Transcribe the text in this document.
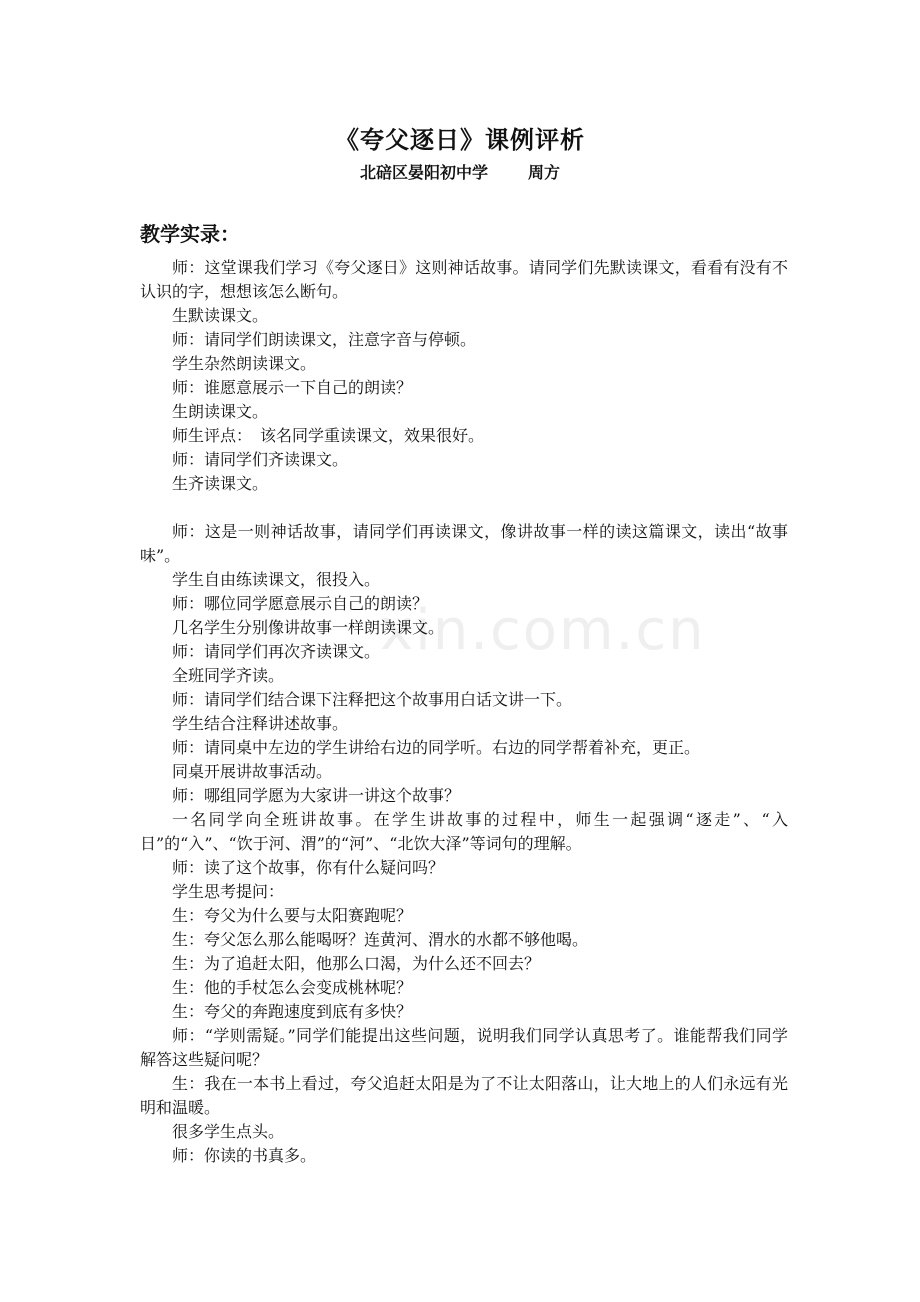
《夸父逐日》课例评析
北碚区晏阳初中学	周方
教学实录：
xin.com.cn

师：这堂课我们学习《夸父逐日》这则神话故事。请同学们先默读课文，看看有没有不认识的字，想想该怎么断句。

生默读课文。

师：请同学们朗读课文，注意字音与停顿。

学生杂然朗读课文。

师：谁愿意展示一下自己的朗读？

生朗读课文。

师生评点：　该名同学重读课文，效果很好。

师：请同学们齐读课文。

生齐读课文。

师：这是一则神话故事，请同学们再读课文，像讲故事一样的读这篇课文，读出“故事味”。

学生自由练读课文，很投入。

师：哪位同学愿意展示自己的朗读？

几名学生分别像讲故事一样朗读课文。

师：请同学们再次齐读课文。

全班同学齐读。

师：请同学们结合课下注释把这个故事用白话文讲一下。

学生结合注释讲述故事。

师：请同桌中左边的学生讲给右边的同学听。右边的同学帮着补充，更正。

同桌开展讲故事活动。

师：哪组同学愿为大家讲一讲这个故事？

一名同学向全班讲故事。在学生讲故事的过程中，师生一起强调“逐走”、“入日”的“入”、“饮于河、渭”的“河”、“北饮大泽”等词句的理解。

师：读了这个故事，你有什么疑问吗？

学生思考提问：

生：夸父为什么要与太阳赛跑呢？

生：夸父怎么那么能喝呀？连黄河、渭水的水都不够他喝。

生：为了追赶太阳，他那么口渴，为什么还不回去？

生：他的手杖怎么会变成桃林呢？

生：夸父的奔跑速度到底有多快？

师：“学则需疑。”同学们能提出这些问题，说明我们同学认真思考了。谁能帮我们同学解答这些疑问呢？

生：我在一本书上看过，夸父追赶太阳是为了不让太阳落山，让大地上的人们永远有光明和温暖。

很多学生点头。

师：你读的书真多。
